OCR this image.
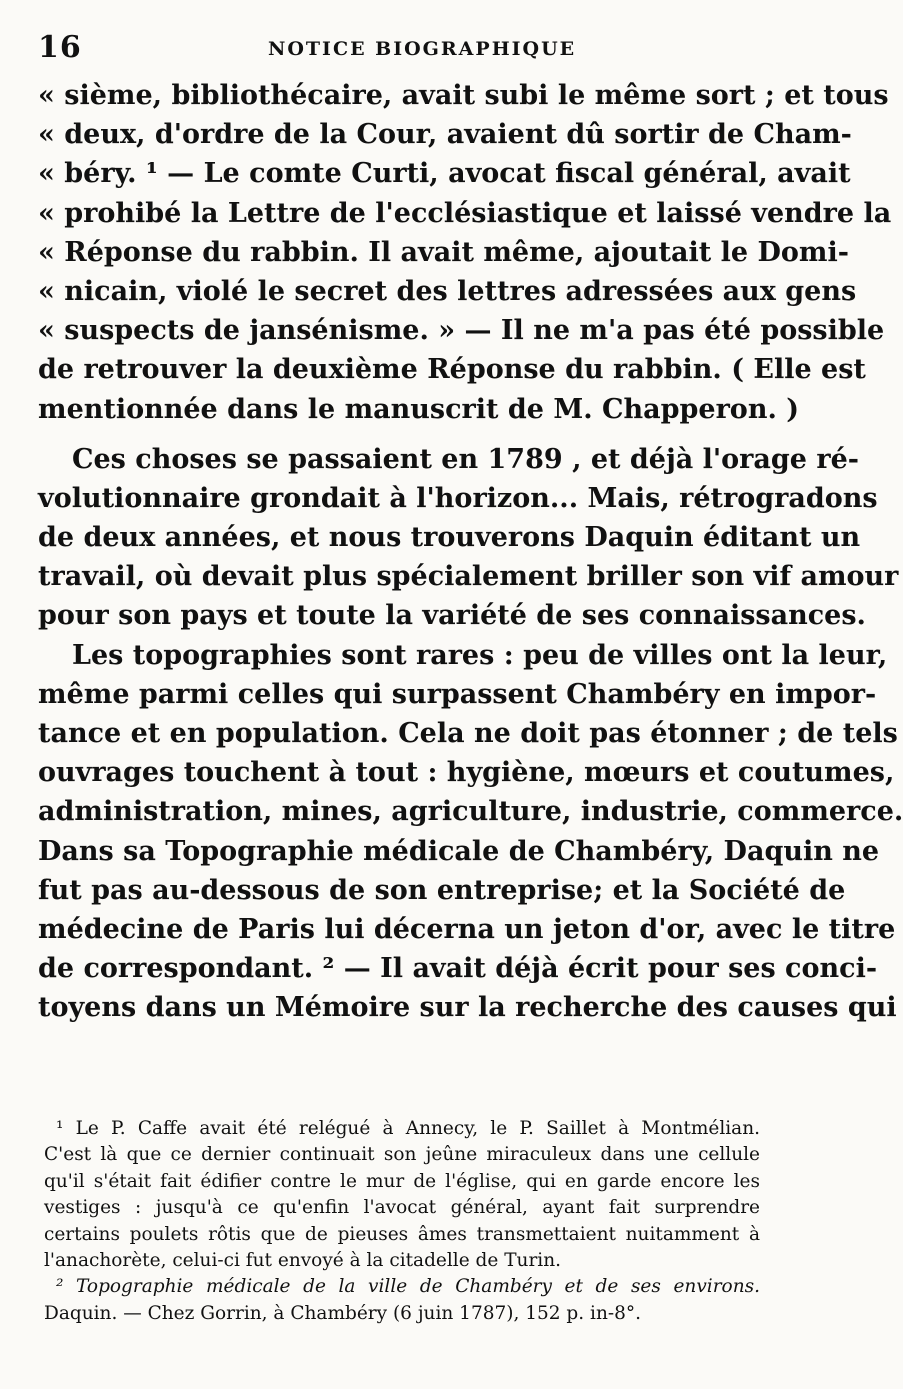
16	NOTICE BIOGRAPHIQUE
« sième, bibliothécaire, avait subi le même sort ; et tous
« deux, d'ordre de la Cour, avaient dû sortir de Cham-
« béry. ¹ — Le comte Curti, avocat fiscal général, avait
« prohibé la Lettre de l'ecclésiastique et laissé vendre la
« Réponse du rabbin. Il avait même, ajoutait le Domi-
« nicain, violé le secret des lettres adressées aux gens
« suspects de jansénisme. » — Il ne m'a pas été possible
de retrouver la deuxième Réponse du rabbin. ( Elle est
mentionnée dans le manuscrit de M. Chapperon. )
Ces choses se passaient en 1789 , et déjà l'orage ré-
volutionnaire grondait à l'horizon... Mais, rétrogradons
de deux années, et nous trouverons Daquin éditant un
travail, où devait plus spécialement briller son vif amour
pour son pays et toute la variété de ses connaissances.
Les topographies sont rares : peu de villes ont la leur,
même parmi celles qui surpassent Chambéry en impor-
tance et en population. Cela ne doit pas étonner ; de tels
ouvrages touchent à tout : hygiène, mœurs et coutumes,
administration, mines, agriculture, industrie, commerce.
Dans sa Topographie médicale de Chambéry, Daquin ne
fut pas au-dessous de son entreprise; et la Société de
médecine de Paris lui décerna un jeton d'or, avec le titre
de correspondant. ² — Il avait déjà écrit pour ses conci-
toyens dans un Mémoire sur la recherche des causes qui
¹ Le P. Caffe avait été relégué à Annecy, le P. Saillet à Montmélian.
C'est là que ce dernier continuait son jeûne miraculeux dans une cellule
qu'il s'était fait édifier contre le mur de l'église, qui en garde encore les
vestiges : jusqu'à ce qu'enfin l'avocat général, ayant fait surprendre
certains poulets rôtis que de pieuses âmes transmettaient nuitamment à
l'anachorète, celui-ci fut envoyé à la citadelle de Turin.
² Topographie médicale de la ville de Chambéry et de ses environs.
Daquin. — Chez Gorrin, à Chambéry (6 juin 1787), 152 p. in-8°.
